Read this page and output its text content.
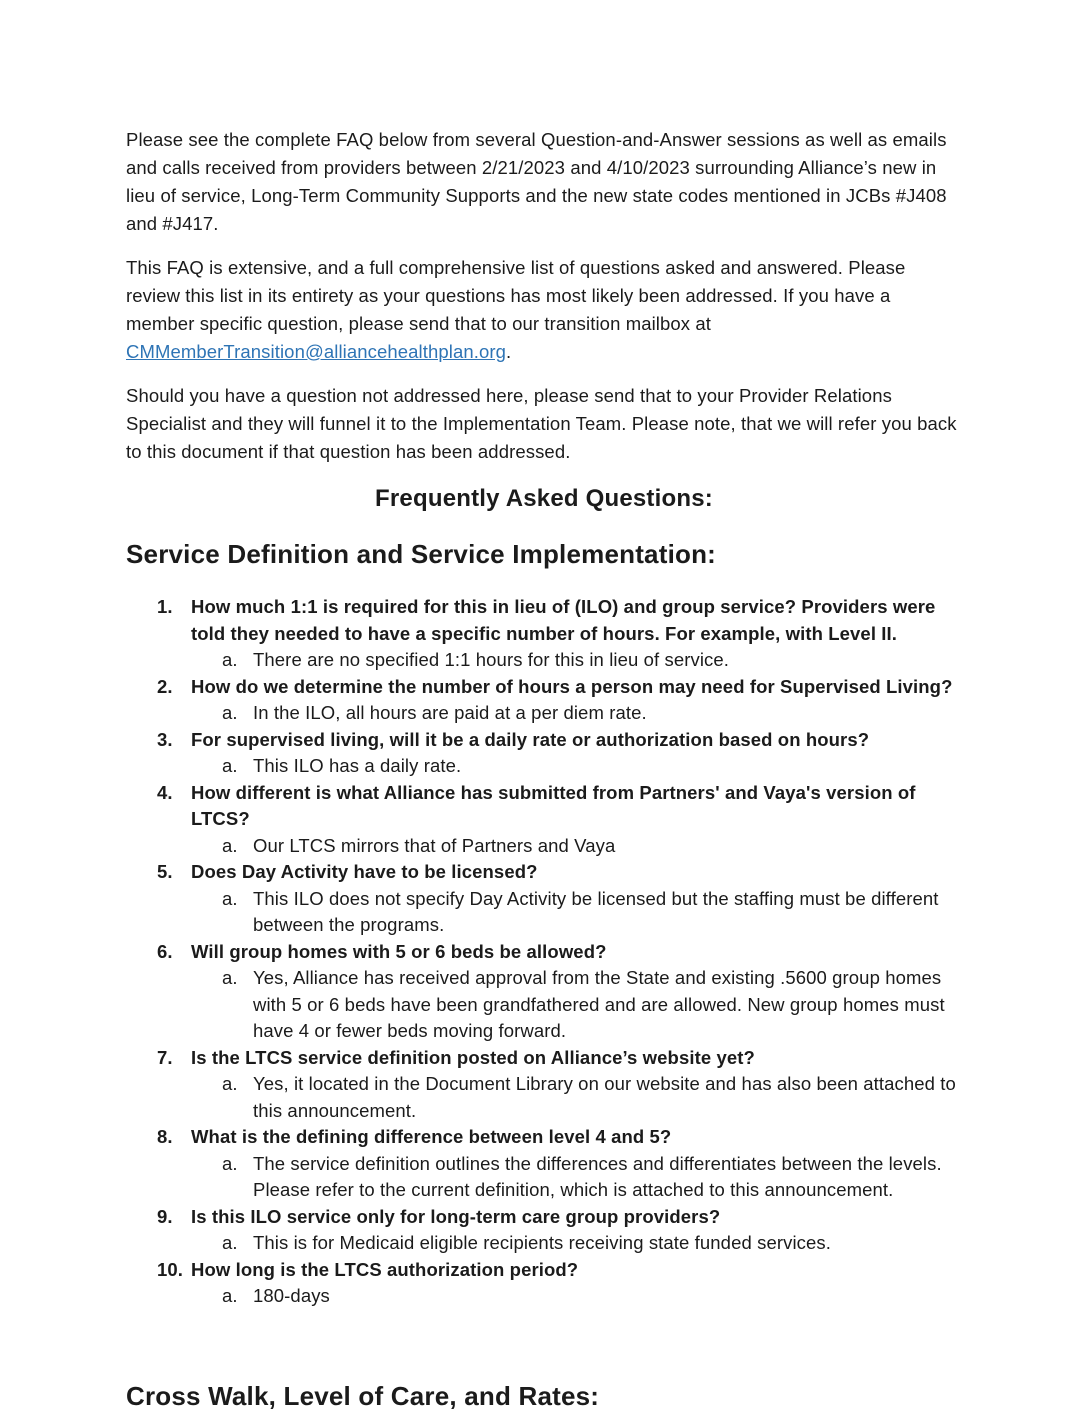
Please see the complete FAQ below from several Question-and-Answer sessions as well as emails and calls received from providers between 2/21/2023 and 4/10/2023 surrounding Alliance’s new in lieu of service, Long-Term Community Supports and the new state codes mentioned in JCBs #J408 and #J417.

This FAQ is extensive, and a full comprehensive list of questions asked and answered. Please review this list in its entirety as your questions has most likely been addressed. If you have a member specific question, please send that to our transition mailbox at CMMemberTransition@alliancehealthplan.org.

Should you have a question not addressed here, please send that to your Provider Relations Specialist and they will funnel it to the Implementation Team. Please note, that we will refer you back to this document if that question has been addressed.

Frequently Asked Questions:
Service Definition and Service Implementation:
1. How much 1:1 is required for this in lieu of (ILO) and group service? Providers were told they needed to have a specific number of hours. For example, with Level II.
a. There are no specified 1:1 hours for this in lieu of service.
2. How do we determine the number of hours a person may need for Supervised Living?
a. In the ILO, all hours are paid at a per diem rate.
3. For supervised living, will it be a daily rate or authorization based on hours?
a. This ILO has a daily rate.
4. How different is what Alliance has submitted from Partners' and Vaya's version of LTCS?
a. Our LTCS mirrors that of Partners and Vaya
5. Does Day Activity have to be licensed?
a. This ILO does not specify Day Activity be licensed but the staffing must be different between the programs.
6. Will group homes with 5 or 6 beds be allowed?
a. Yes, Alliance has received approval from the State and existing .5600 group homes with 5 or 6 beds have been grandfathered and are allowed. New group homes must have 4 or fewer beds moving forward.
7. Is the LTCS service definition posted on Alliance’s website yet?
a. Yes, it located in the Document Library on our website and has also been attached to this announcement.
8. What is the defining difference between level 4 and 5?
a. The service definition outlines the differences and differentiates between the levels. Please refer to the current definition, which is attached to this announcement.
9. Is this ILO service only for long-term care group providers?
a. This is for Medicaid eligible recipients receiving state funded services.
10. How long is the LTCS authorization period?
a. 180-days
Cross Walk, Level of Care, and Rates:
